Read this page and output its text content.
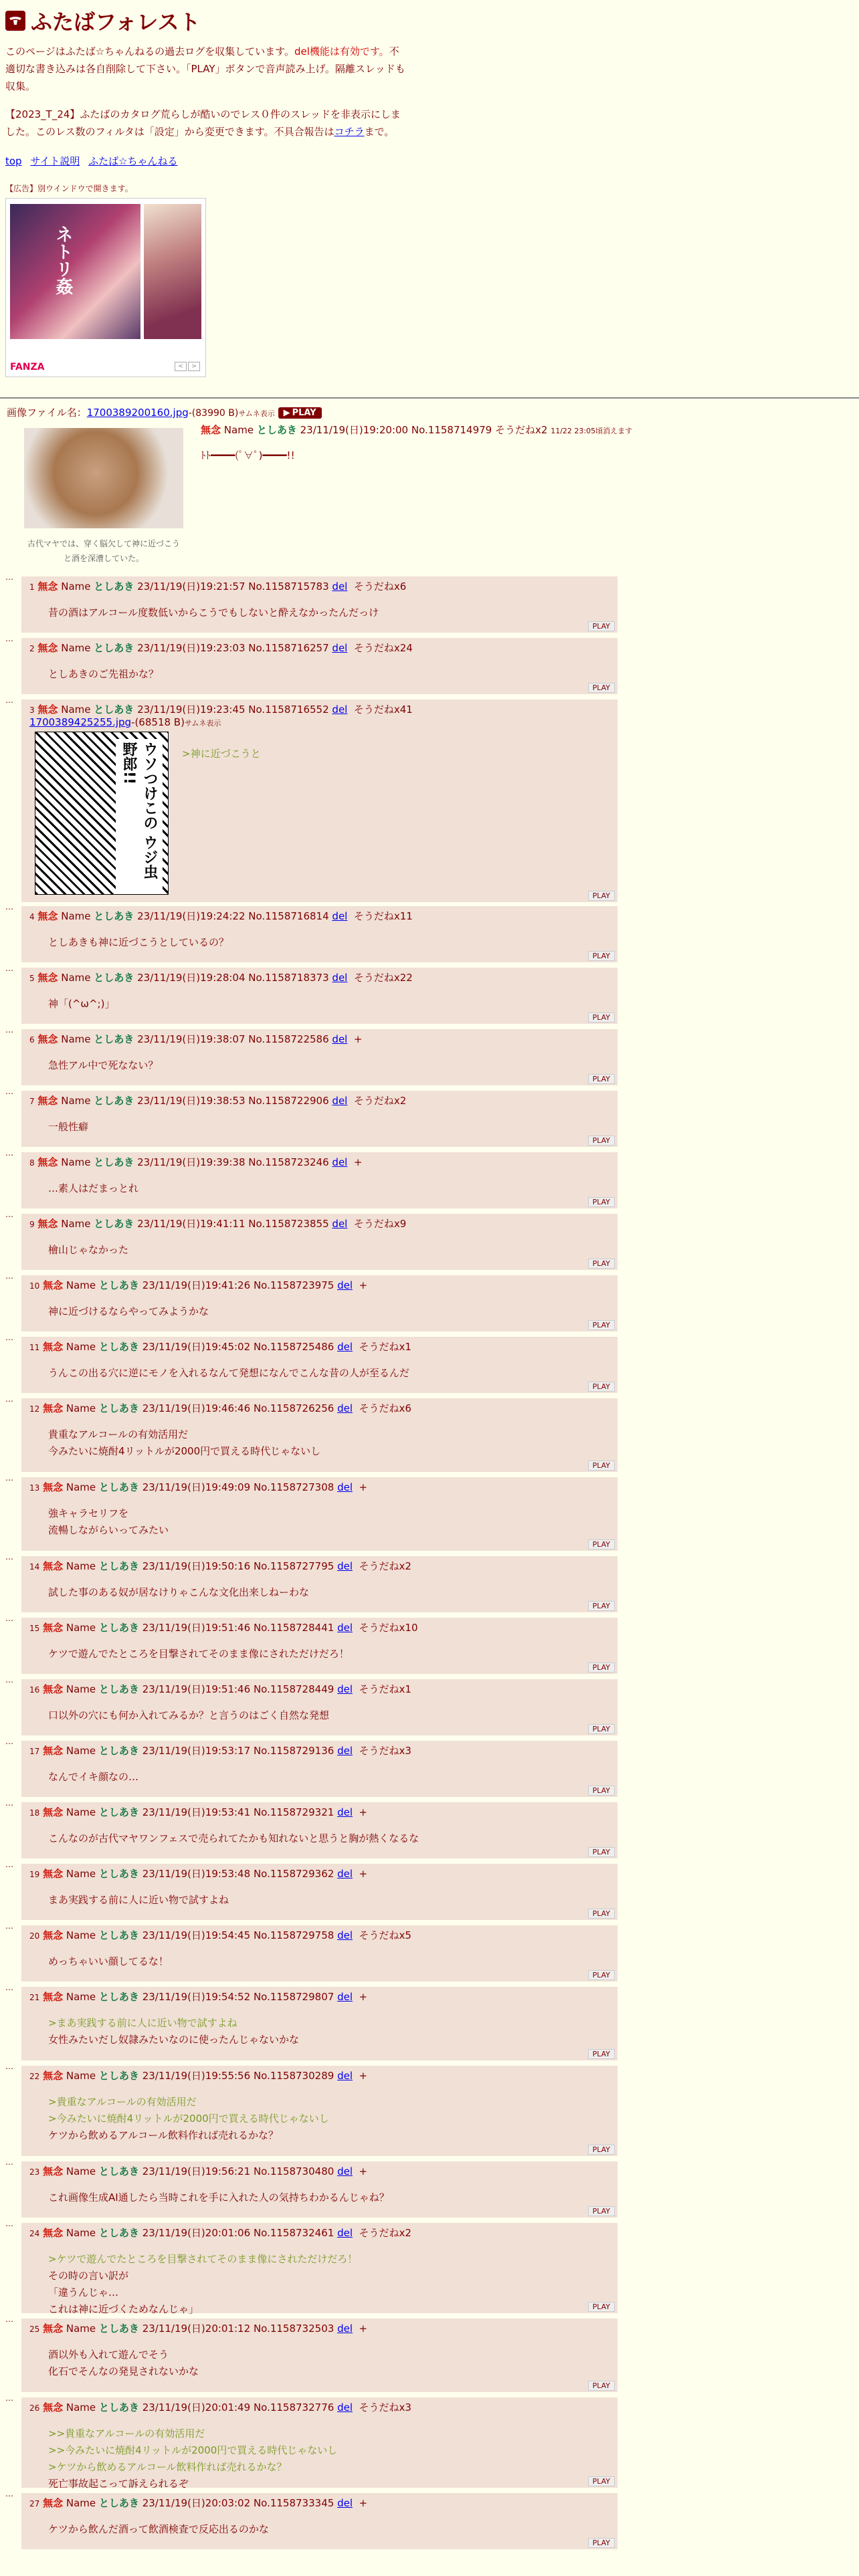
ふたばフォレスト

このページはふたば☆ちゃんねるの過去ログを収集しています。del機能は有効です。不適切な書き込みは各自削除して下さい。「PLAY」ボタンで音声読み上げ。隔離スレッドも収集。

【2023_T_24】ふたばのカタログ荒らしが酷いのでレス０件のスレッドを非表示にしました。このレス数のフィルタは「設定」から変更できます。不具合報告はコチラまで。

top サイト説明 ふたば☆ちゃんねる
【広告】別ウインドウで開きます。
ネトリ姦
FANZA	<	>
画像ファイル名：1700389200160.jpg-(83990 B)サムネ表示 ▶ PLAY
古代マヤでは、穿く脳欠して神に近づこうと酒を深漕していた。
無念 Name としあき 23/11/19(日)19:20:00 No.1158714979 そうだねx2 11/22 23:05頃消えます
ﾄﾄ━━━━(ﾟ∀ﾟ)━━━━!!
…
1 無念 Name としあき 23/11/19(日)19:21:57 No.1158715783 del そうだねx6
昔の酒はアルコール度数低いからこうでもしないと酔えなかったんだっけ
PLAY
…
2 無念 Name としあき 23/11/19(日)19:23:03 No.1158716257 del そうだねx24
としあきのご先祖かな？
PLAY
…
3 無念 Name としあき 23/11/19(日)19:23:45 No.1158716552 del そうだねx41
1700389425255.jpg-(68518 B)サムネ表示
ウソつけこの ウジ虫野郎!!	>神に近づこうと
PLAY
…
4 無念 Name としあき 23/11/19(日)19:24:22 No.1158716814 del そうだねx11
としあきも神に近づこうとしているの？
PLAY
…
5 無念 Name としあき 23/11/19(日)19:28:04 No.1158718373 del そうだねx22
神「(^ω^;)」
PLAY
…
6 無念 Name としあき 23/11/19(日)19:38:07 No.1158722586 del +
急性アル中で死なない？
PLAY
…
7 無念 Name としあき 23/11/19(日)19:38:53 No.1158722906 del そうだねx2
一般性癖
PLAY
…
8 無念 Name としあき 23/11/19(日)19:39:38 No.1158723246 del +
…素人はだまっとれ
PLAY
…
9 無念 Name としあき 23/11/19(日)19:41:11 No.1158723855 del そうだねx9
檜山じゃなかった
PLAY
…
10 無念 Name としあき 23/11/19(日)19:41:26 No.1158723975 del +
神に近づけるならやってみようかな
PLAY
…
11 無念 Name としあき 23/11/19(日)19:45:02 No.1158725486 del そうだねx1
うんこの出る穴に逆にモノを入れるなんて発想になんでこんな昔の人が至るんだ
PLAY
…
12 無念 Name としあき 23/11/19(日)19:46:46 No.1158726256 del そうだねx6
貴重なアルコールの有効活用だ
今みたいに焼酎4リットルが2000円で買える時代じゃないし
PLAY
…
13 無念 Name としあき 23/11/19(日)19:49:09 No.1158727308 del +
強キャラセリフを
流暢しながらいってみたい
PLAY
…
14 無念 Name としあき 23/11/19(日)19:50:16 No.1158727795 del そうだねx2
試した事のある奴が居なけりゃこんな文化出来しねーわな
PLAY
…
15 無念 Name としあき 23/11/19(日)19:51:46 No.1158728441 del そうだねx10
ケツで遊んでたところを目撃されてそのまま像にされただけだろ！
PLAY
…
16 無念 Name としあき 23/11/19(日)19:51:46 No.1158728449 del そうだねx1
口以外の穴にも何か入れてみるか？と言うのはごく自然な発想
PLAY
…
17 無念 Name としあき 23/11/19(日)19:53:17 No.1158729136 del そうだねx3
なんでイキ顔なの…
PLAY
…
18 無念 Name としあき 23/11/19(日)19:53:41 No.1158729321 del +
こんなのが古代マヤワンフェスで売られてたかも知れないと思うと胸が熱くなるな
PLAY
…
19 無念 Name としあき 23/11/19(日)19:53:48 No.1158729362 del +
まあ実践する前に人に近い物で試すよね
PLAY
…
20 無念 Name としあき 23/11/19(日)19:54:45 No.1158729758 del そうだねx5
めっちゃいい顔してるな！
PLAY
…
21 無念 Name としあき 23/11/19(日)19:54:52 No.1158729807 del +
>まあ実践する前に人に近い物で試すよね
女性みたいだし奴隷みたいなのに使ったんじゃないかな
PLAY
…
22 無念 Name としあき 23/11/19(日)19:55:56 No.1158730289 del +
>貴重なアルコールの有効活用だ
>今みたいに焼酎4リットルが2000円で買える時代じゃないし
ケツから飲めるアルコール飲料作れば売れるかな？
PLAY
…
23 無念 Name としあき 23/11/19(日)19:56:21 No.1158730480 del +
これ画像生成AI通したら当時これを手に入れた人の気持ちわかるんじゃね？
PLAY
…
24 無念 Name としあき 23/11/19(日)20:01:06 No.1158732461 del そうだねx2
>ケツで遊んでたところを目撃されてそのまま像にされただけだろ！
その時の言い訳が
「違うんじゃ…
これは神に近づくためなんじゃ」	PLAY
…
25 無念 Name としあき 23/11/19(日)20:01:12 No.1158732503 del +
酒以外も入れて遊んでそう
化石でそんなの発見されないかな
PLAY
…
26 無念 Name としあき 23/11/19(日)20:01:49 No.1158732776 del そうだねx3
>>貴重なアルコールの有効活用だ
>>今みたいに焼酎4リットルが2000円で買える時代じゃないし
>ケツから飲めるアルコール飲料作れば売れるかな？
死亡事故起こって訴えられるぞ	PLAY
…
27 無念 Name としあき 23/11/19(日)20:03:02 No.1158733345 del +
ケツから飲んだ酒って飲酒検査で反応出るのかな
PLAY
